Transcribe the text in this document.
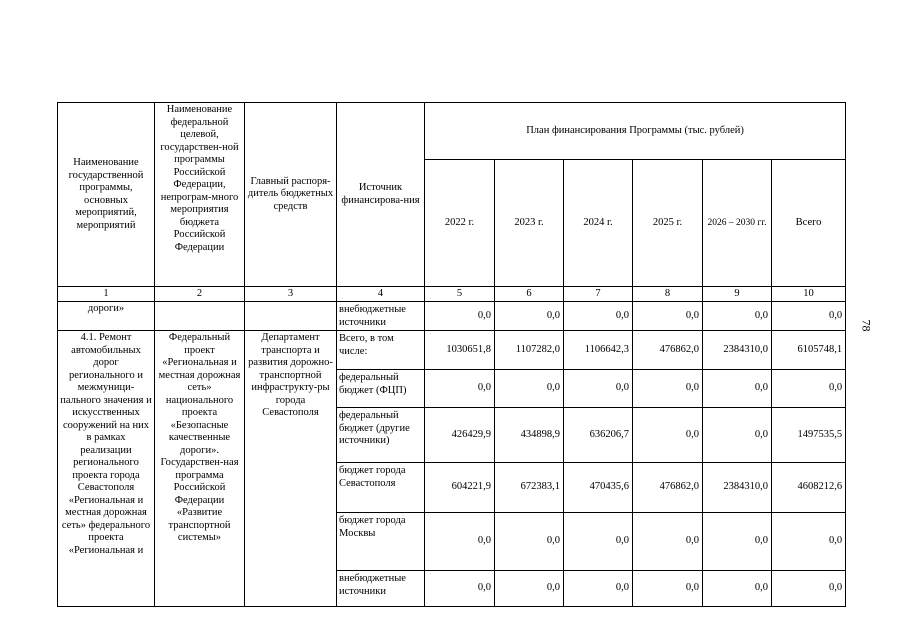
Наименование государственной программы, основных мероприятий, мероприятий	Наименование федеральной целевой, государствен-ной программы Российской Федерации, непрограм-много мероприятия бюджета Российской Федерации	Главный распоря-дитель бюджетных средств	Источник финансирова-ния	План финансирования Программы (тыс. рублей)					
				2022 г.	2023 г.	2024 г.	2025 г.	2026 – 2030 гг.	Всего
1	2	3	4	5	6	7	8	9	10
дороги»			внебюджетные источники	0,0	0,0	0,0	0,0	0,0	0,0
4.1. Ремонт автомобильных дорог регионального и межмуници-пального значения и искусственных сооружений на них в рамках реализации регионального проекта города Севастополя «Региональная и местная дорожная сеть» федерального проекта «Региональная и	Федеральный проект «Региональная и местная дорожная сеть» национального проекта «Безопасные качественные дороги». Государствен-ная программа Российской Федерации «Развитие транспортной системы»	Департамент транспорта и развития дорожно-транспортной инфраструкту-ры города Севастополя	Всего, в том числе:	1030651,8	1107282,0	1106642,3	476862,0	2384310,0	6105748,1
			федеральный бюджет (ФЦП)	0,0	0,0	0,0	0,0	0,0	0,0
			федеральный бюджет (другие источники)	426429,9	434898,9	636206,7	0,0	0,0	1497535,5
			бюджет города Севастополя	604221,9	672383,1	470435,6	476862,0	2384310,0	4608212,6
			бюджет города Москвы	0,0	0,0	0,0	0,0	0,0	0,0
			внебюджетные источники	0,0	0,0	0,0	0,0	0,0	0,0
78
